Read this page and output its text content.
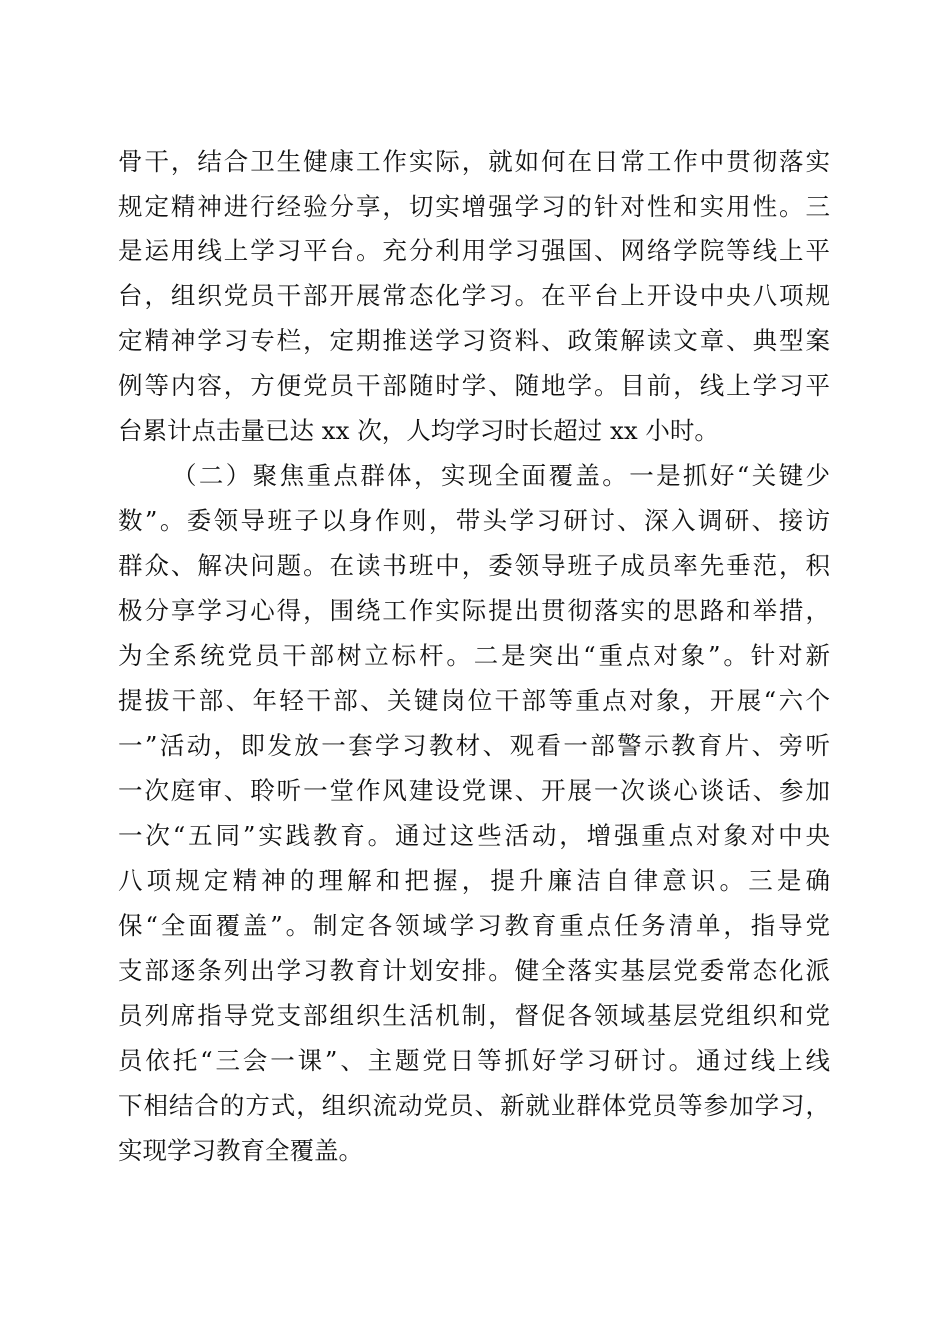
骨干，结合卫生健康工作实际，就如何在日常工作中贯彻落实
规定精神进行经验分享，切实增强学习的针对性和实用性。三
是运用线上学习平台。充分利用学习强国、网络学院等线上平
台，组织党员干部开展常态化学习。在平台上开设中央八项规
定精神学习专栏，定期推送学习资料、政策解读文章、典型案
例等内容，方便党员干部随时学、随地学。目前，线上学习平
台累计点击量已达 xx 次，人均学习时长超过 xx 小时。
（二）聚焦重点群体，实现全面覆盖。一是抓好“关键少
数”。委领导班子以身作则，带头学习研讨、深入调研、接访
群众、解决问题。在读书班中，委领导班子成员率先垂范，积
极分享学习心得，围绕工作实际提出贯彻落实的思路和举措，
为全系统党员干部树立标杆。二是突出“重点对象”。针对新
提拔干部、年轻干部、关键岗位干部等重点对象，开展“六个
一”活动，即发放一套学习教材、观看一部警示教育片、旁听
一次庭审、聆听一堂作风建设党课、开展一次谈心谈话、参加
一次“五同”实践教育。通过这些活动，增强重点对象对中央
八项规定精神的理解和把握，提升廉洁自律意识。三是确
保“全面覆盖”。制定各领域学习教育重点任务清单，指导党
支部逐条列出学习教育计划安排。健全落实基层党委常态化派
员列席指导党支部组织生活机制，督促各领域基层党组织和党
员依托“三会一课”、主题党日等抓好学习研讨。通过线上线
下相结合的方式，组织流动党员、新就业群体党员等参加学习，
实现学习教育全覆盖。
